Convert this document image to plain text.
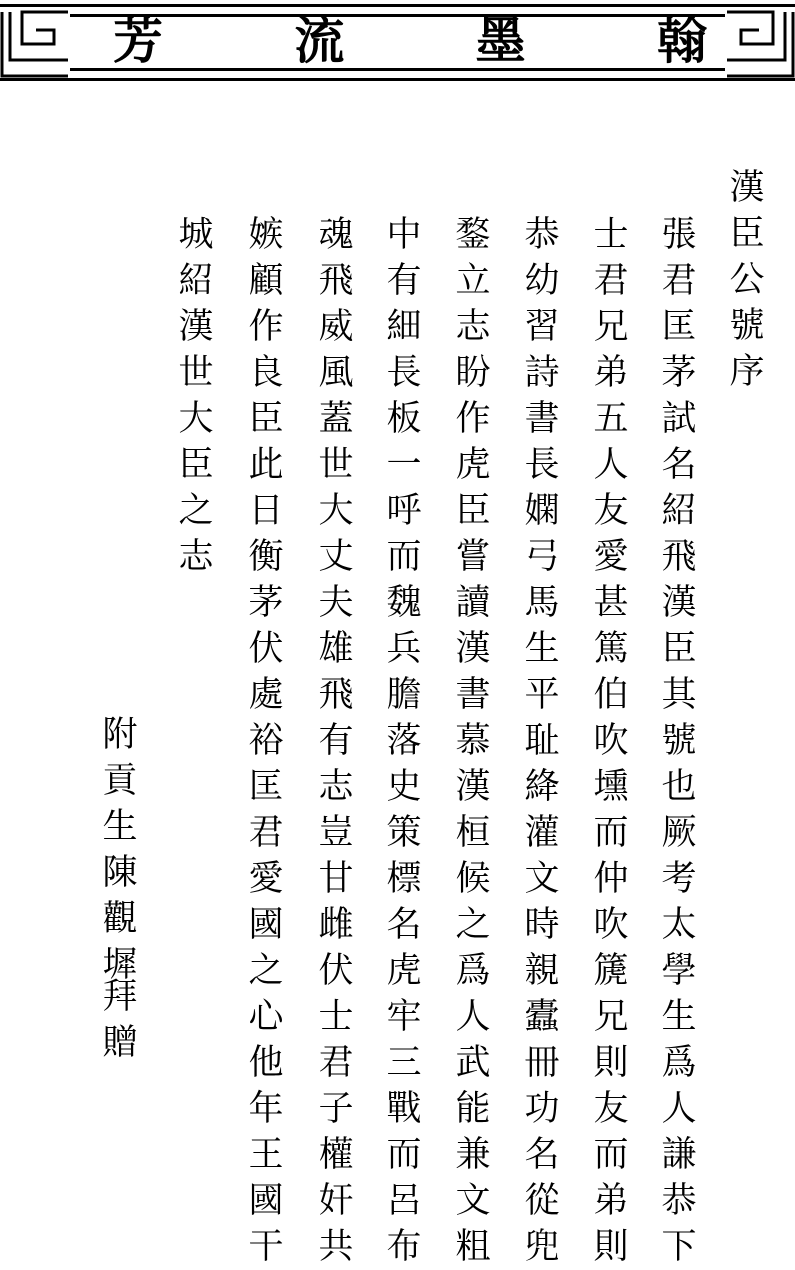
翰
墨
流
芳
漢
臣
公
號
序
張
君
匡
茅
試
名
紹
飛
漢
臣
其
號
也
厥
考
太
學
生
爲
人
謙
恭
下
士
君
兄
弟
五
人
友
愛
甚
篤
伯
吹
壎
而
仲
吹
篪
兄
則
友
而
弟
則
恭
幼
習
詩
書
長
嫻
弓
馬
生
平
耻
絳
灌
文
時
親
蠹
冊
功
名
從
兜
鍪
立
志
盼
作
虎
臣
嘗
讀
漢
書
慕
漢
桓
候
之
爲
人
武
能
兼
文
粗
中
有
細
長
板
一
呼
而
魏
兵
膽
落
史
策
標
名
虎
牢
三
戰
而
呂
布
魂
飛
威
風
蓋
世
大
丈
夫
雄
飛
有
志
豈
甘
雌
伏
士
君
子
權
奸
共
嫉
顧
作
良
臣
此
日
衡
茅
伏
處
裕
匡
君
愛
國
之
心
他
年
王
國
干
城
紹
漢
世
大
臣
之
志
附
貢
生
陳
觀
墀
拜
贈
